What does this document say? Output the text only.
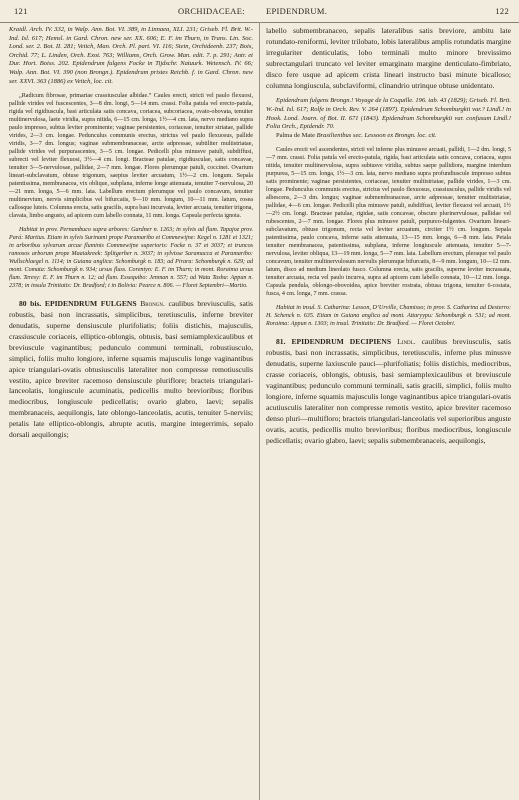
121	ORCHIDACEAE: EPIDENDRUM.	122

Kraidl. Arch. IV. 332, in Walp. Ann. Bot. VI. 389, in Linnaea, XLI. 231; Griseb. Fl. Brit. W.-Ind. Isl. 617; Hemsl. in Gard. Chron. new ser. XX. 606; E. F. im Thurn, in Trans. Lin. Soc. Lond. ser. 2. Bot. II. 281; Veitch, Man. Orch. Pl. part. VI. 116; Stein, Orchideenb. 237; Bois, Orchid. 77; L. Linden, Orch. Exot. 763; Williams, Orch. Grow. Man. edit. 7. p. 291; Antr. et Dur. Hort. Boiss. 202. Epidendrum fulgens Focke in Tijdschr. Natuurk. Wetensch. IV. 66; Walp. Ann. Bot. VI. 390 (non Brongn.). Epidendrum pristes Reichb. f. in Gard. Chron. new ser. XXVI. 363 (1886) ex Veitch, loc. cit.

„Radicum fibrosae, primariae crassiusculae albidae.“ Caules erecti, stricti vel paulo flexuosi, pallide virides vel fuscescentes, 3—8 dm. longi, 5—14 mm. crassi. Folia patula vel erecto-patula, rigida vel rigidiuscula, basi articulata satis concava, coriacea, subcoriacea, ovato-obovata, tenuiter multinervulosa, laete viridia, supra nitida, 6—15 cm. longa, 1½—4 cm. lata, nervo mediano supra paulo impresso, subtus leviter prominente; vaginae persistentes, coriaceae, tenuiter striatae, pallide virides, 2—3 cm. longae. Pedunculus communis erectus, strictus vel paulo flexuosus, pallide viridis, 3—7 dm. longus; vaginae submembranaceae, arcte adpressae, subtiliter multistriatae, pallide virides vel purpurascentes, 3—5 cm. longae. Pedicelli plus minusve patuli, subdiffusi, subrecti vel leviter flexuosi, 3½—4 cm. longi. Bracteae patulae, rigidiusculae, satis concavae, tenuiter 3—5-nervulosae, pallidae, 2—7 mm. longae. Flores plerumque patuli, coccinei. Ovarium lineari-subclavatum, obtuse trigonum, saepius leviter arcuatum, 1½—2 cm. longum. Sepala patentissima, membranacea, vix oblique, subplana, inferne longe attenuata, tenuiter 7-nervulosa, 20—21 mm. longa, 5—6 mm. lata. Labellum erectum plerumque vel paulo concavum, tenuiter multinervium, nervis simplicibus vel bifurcatis, 9—10 mm. longum, 10—11 mm. latum, rosea callosque luteis. Columna erecta, satis gracilis, supra basi incurvata, leviter arcuata, tenuiter trigona, clavata, limbo angusto, ad apicem cum labello connata, 11 mm. longa. Capsula perfecta ignota.

Habitat in prov. Pernambuco supra arbores: Gardner n. 1263; in sylvis ad flum. Tapajoz prov. Pará: Martius. Etiam in sylvis Surinami prope Paramaribo et Commewijne: Kegel n. 1281 et 1321; in arboribus sylvarum arcae fluminis Commewijne superioris: Focke n. 37 et 3037; et truncos ramosos arborum prope Maaiakreek: Splitgerber n. 3037; in sylvisse Saramacca et Paramaribo: Wullschlaegel n. 1114; in Guiana anglica: Schomburgk n. 183; ad Pirara: Schomburgk n. 629; ad mont. Comata: Schomburgk n. 934; ursus fluss. Corentyn: E. F. im Thurn; in mont. Roraima ursus flum. Teresy: E. F. im Thurn n. 12; ad flum. Essequibo: Jenman n. 557; ad Watu Tasha: Appun n. 2378; in insula Trinitatis: Dr. Bradford; t in Bolivia: Pearce n. 806. — Floret Septembri—Martio.

80 bis. EPIDENDRUM FULGENS Brongn. caulibus breviusculis, satis robustis, basi non incrassatis, simplicibus, teretiusculis, inferne breviter denudatis, superne densiuscule plurifoliatis; foliis distichis, majusculis, crassiuscule coriaceis, elliptico-oblongis, obtusis, basi semiamplexicaulibus et breviuscule vaginantibus; pedunculo communi terminali, robustiusculo, simplici, foliis multo longiore, inferne squamis majusculis longe vaginantibus apice triangulari-ovatis obtusiusculis lateraliter non compresse remotiusculis vestito, apice breviter racemoso densiuscule pluriflore; bracteis triangulari-lanceolatis, longiuscule acuminatis, pedicellis multo brevioribus; floribus mediocribus, longiuscule pedicellatis; ovario glabro, laevi; sepalis membranaceis, aequilongis, late oblongo-lanceolatis, acutis, tenuiter 5-nerviis; petalis late elliptico-oblongis, abrupte acutis, margine integerrimis, sepalo dorsali aequilongis;

labello submembranaceo, sepalis lateralibus satis breviore, ambitu late rotundato-reniformi, leviter trilobato, lobis lateralibus amplis rotundatis margine irregulariter denticulatis, lobo terminali multo minore brevissimo subrectangulari truncato vel leviter emarginato margine denticulato-fimbriato, disco fere usque ad apicem crista lineari instructo basi minute bicalloso; columna longiuscula, subclaviformi, clinandrio utrinque obtuse unidentato.

Epidendrum fulgens Brongn.! Voyage de la Coquille. 196. tab. 43 (1829); Griseb. Fl. Brit. W.-Ind. Isl. 617; Rolfe in Orch. Rev. V. 264 (1897). Epidendrum Schomburgkii var.? Lindl.! in Hook. Lond. Journ. of Bot. II. 671 (1843). Epidendrum Schomburgkii var. confusum Lindl.! Folia Orch., Epidendr. 70.

Palma de Mate Brasilienibus sec. Lessoon ex Brongn. loc. cit.

Caules erecti vel ascendentes, stricti vel inferne plus minusve arcuati, pallidi, 1—2 dm. longi, 5—7 mm. crassi. Folia patula vel erecto-patula, rigida, basi articulata satis concava, coriacea, supra nitida, tenuiter multinervulosa, supra subtusve viridia, subtus saepe pallidiora, margine interdum purpurea, 5—15 cm. longa, 1½—3 cm. lata, nervo mediano supra profundiuscule impresso subtus satis prominente; vaginae persistentes, coriaceae, tenuiter multistriatae, pallide virides, 1—3 cm. longae. Pedunculus communis erectus, strictus vel paulo flexuosus, crassiusculus, pallide viridis vel albescens, 2—3 dm. longus; vaginae submembranaceae, arcte adpressae, tenuiter multistriatae, pallidae, 4—6 cm. longae. Pedicelli plus minusve patuli, subdiffusi, leviter flexuosi vel arcuati, 1½—2½ cm. longi. Bracteae patulae, rigidae, satis concavae, obscure plurinervulosae, pallidae vel rubescentes, 2—7 mm. longae. Flores plus minusve patuli, purpureo-fulgentes. Ovarium lineari-subclavatum, obtuse trigonum, recta vel leviter arcuatum, circiter 1½ cm. longum. Sepala patentissima, paulo concava, inferne satis attenuata, 13—15 mm. longa, 6—8 mm. lata. Petala tenuiter membranacea, patentissima, subplana, inferne longiuscule attenuata, tenuiter 5—7-nervulosa, leviter obliqua, 13—19 mm. longa, 5—7 mm. lata. Labellum erectum, pleraque vel paulo concavum, tenuiter multinervulosum nervulis plerumque bifurcatis, 8—9 mm. longum, 10—12 mm. latum, disco ad medium lineolato fusco. Columna erecta, satis gracilis, superne leviter incrassata, tenuiter arcuata, recta vel paulo incurva, supra ad apicem cum labello connata, 10—12 mm. longa. Capsula pendula, oblongo-obovoidea, apice breviter rostrata, obtusa trigona, tenuiter 6-costata, fusca, 4 cm. longa, 7 mm. crassa.

Habitat in insul. S. Catharina: Lesson, D’Urville, Chamisso; in prov. S. Catharina ad Desterro: H. Schenck n. 635. Etiam in Guiana anglica ad mont. Attaryypu: Schomburgk n. 531; ad mont. Roraima: Appun n. 1303; in insul. Trinitatis: Dr. Bradford. — Floret Octobri.

81. EPIDENDRUM DECIPIENS Lindl. caulibus breviusculis, satis robustis, basi non incrassatis, simplicibus, teretiusculis, inferne plus minusve denudatis, superne laxiuscule pauci—plurifoliatis; foliis distichis, mediocribus, crasse coriaceis, oblongis, obtusis, basi semiamplexicaulibus et breviuscule vaginantibus; pedunculo communi terminali, satis gracili, simplici, foliis multo longiore, inferne squamis majusculis longe vaginantibus apice triangulari-ovatis acutiusculis lateraliter non compresse remotis vestito, apice breviter racemoso denso pluri—multifloro; bracteis triangulari-lanceolatis vel superioribus anguste ovatis, acutis, pedicellis multo brevioribus; floribus mediocribus, longiuscule pedicellatis; ovario glabro, laevi; sepalis submembranaceis, aequilongis,
